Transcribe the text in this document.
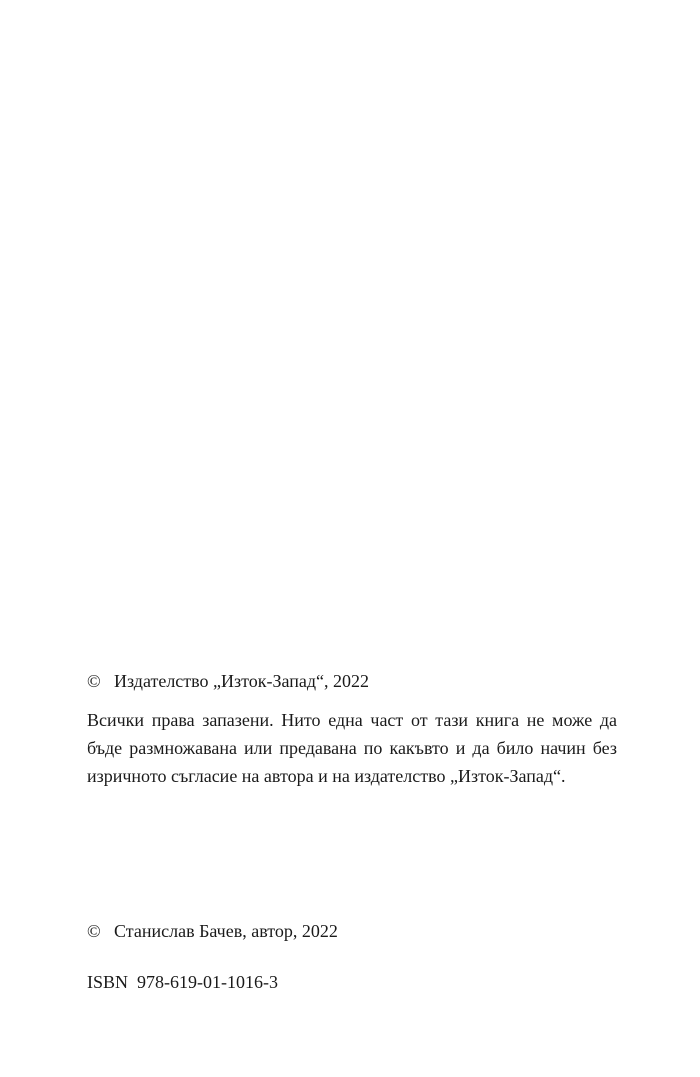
© Издателство „Изток-Запад“, 2022
Всички права запазени. Нито една част от тази книга не може да бъде размножавана или предавана по какъвто и да било начин без изричното съгласие на автора и на издателство „Изток-Запад“.
© Станислав Бачев, автор, 2022
ISBN 978-619-01-1016-3
